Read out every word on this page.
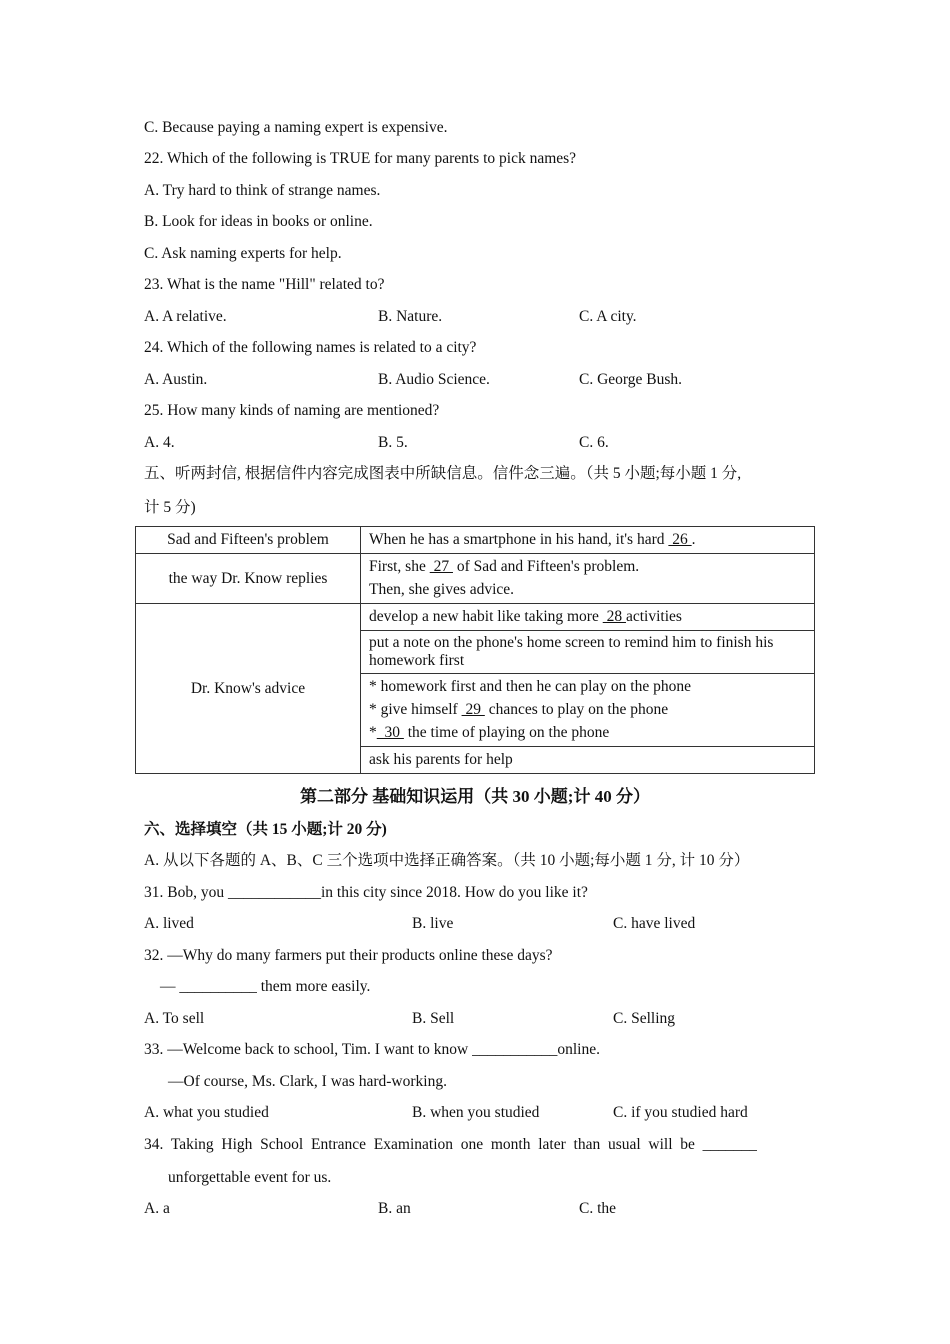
C. Because paying a naming expert is expensive.
22. Which of the following is TRUE for many parents to pick names?
A. Try hard to think of strange names.
B. Look for ideas in books or online.
C. Ask naming experts for help.
23. What is the name "Hill" related to?
A. A relative.	B. Nature.	C. A city.
24. Which of the following names is related to a city?
A. Austin.	B. Audio Science.	C. George Bush.
25. How many kinds of naming are mentioned?
A. 4.	B. 5.	C. 6.
五、听两封信, 根据信件内容完成图表中所缺信息。信件念三遍。（共 5 小题;每小题 1 分,
计 5 分)
Sad and Fifteen's problem	When he has a smartphone in his hand, it's hard  26 .
the way Dr. Know replies	First, she  27  of Sad and Fifteen's problem.
Then, she gives advice.

Dr. Know's advice	develop a new habit like taking more  28 activities
	put a note on the phone's home screen to remind him to finish his homework first

	* homework first and then he can play on the phone
* give himself  29  chances to play on the phone
*  30  the time of playing on the phone

	ask his parents for help
第二部分 基础知识运用（共 30 小题;计 40 分）
六、选择填空（共 15 小题;计 20 分)
A. 从以下各题的 A、B、C 三个选项中选择正确答案。（共 10 小题;每小题 1 分, 计 10 分）
31. Bob, you ____________in this city since 2018. How do you like it?
A. lived	B. live	C. have lived
32. —Why do many farmers put their products online these days?
— __________ them more easily.
A. To sell	B. Sell	C. Selling
33. —Welcome back to school, Tim. I want to know ___________online.
—Of course, Ms. Clark, I was hard-working.
A. what you studied	B. when you studied	C. if you studied hard
34.  Taking  High  School  Entrance  Examination  one  month  later  than  usual  will  be  _______
unforgettable event for us.
A. a	B. an	C. the
